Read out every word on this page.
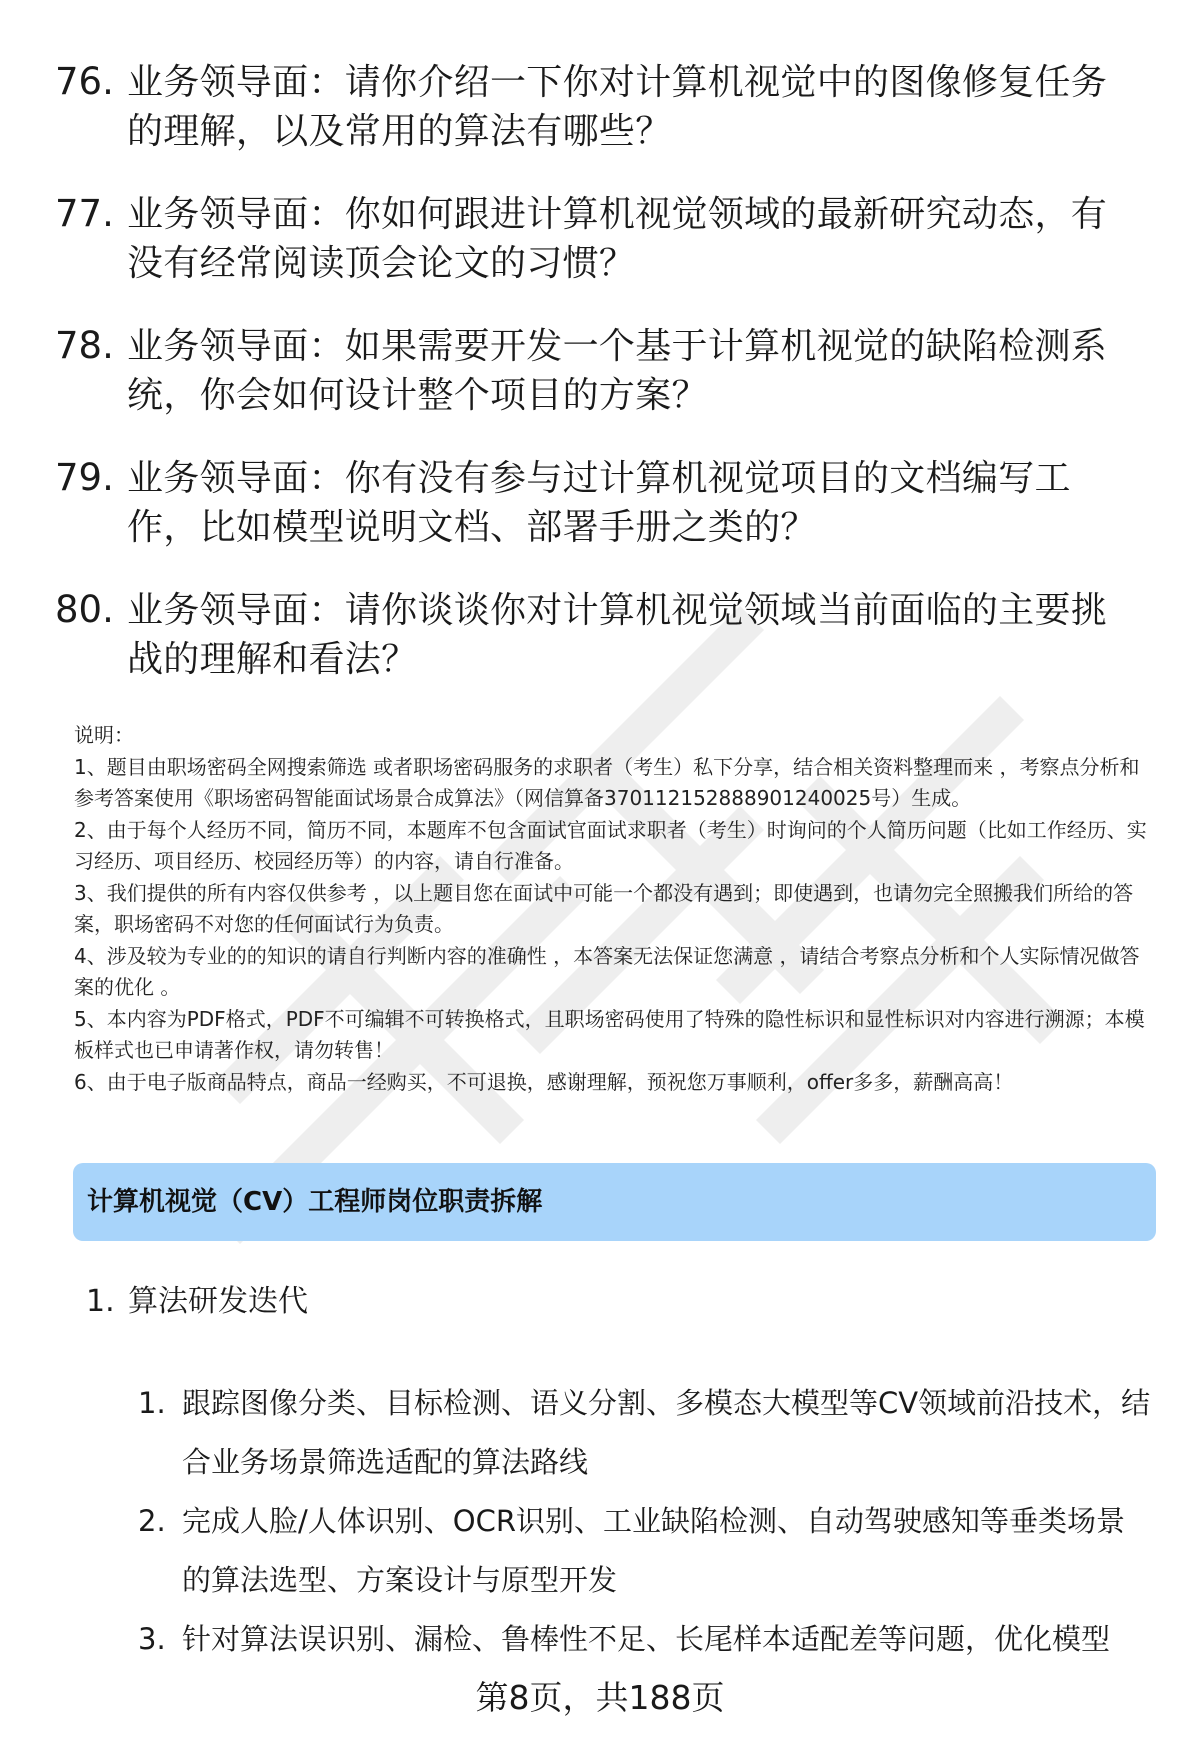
76. 业务领导面：请你介绍一下你对计算机视觉中的图像修复任务的理解，以及常用的算法有哪些？
77. 业务领导面：你如何跟进计算机视觉领域的最新研究动态，有没有经常阅读顶会论文的习惯？
78. 业务领导面：如果需要开发一个基于计算机视觉的缺陷检测系统，你会如何设计整个项目的方案？
79. 业务领导面：你有没有参与过计算机视觉项目的文档编写工作，比如模型说明文档、部署手册之类的？
80. 业务领导面：请你谈谈你对计算机视觉领域当前面临的主要挑战的理解和看法？

说明：

1、题目由职场密码全网搜索筛选 或者职场密码服务的求职者（考生）私下分享，结合相关资料整理而来 ，考察点分析和参考答案使用《职场密码智能面试场景合成算法》（网信算备370112152888901240025号）生成。

2、由于每个人经历不同，简历不同，本题库不包含面试官面试求职者（考生）时询问的个人简历问题（比如工作经历、实习经历、项目经历、校园经历等）的内容，请自行准备。

3、我们提供的所有内容仅供参考 ，以上题目您在面试中可能一个都没有遇到；即使遇到，也请勿完全照搬我们所给的答案，职场密码不对您的任何面试行为负责。

4、涉及较为专业的的知识的请自行判断内容的准确性 ，本答案无法保证您满意 ，请结合考察点分析和个人实际情况做答案的优化 。

5、本内容为PDF格式，PDF不可编辑不可转换格式，且职场密码使用了特殊的隐性标识和显性标识对内容进行溯源；本模板样式也已申请著作权，请勿转售！

6、由于电子版商品特点，商品一经购买，不可退换，感谢理解，预祝您万事顺利，offer多多，薪酬高高！

计算机视觉（CV）工程师岗位职责拆解
1. 算法研发迭代
1. 跟踪图像分类、目标检测、语义分割、多模态大模型等CV领域前沿技术，结合业务场景筛选适配的算法路线
2. 完成人脸/人体识别、OCR识别、工业缺陷检测、自动驾驶感知等垂类场景的算法选型、方案设计与原型开发
3. 针对算法误识别、漏检、鲁棒性不足、长尾样本适配差等问题，优化模型
第8页，共188页
